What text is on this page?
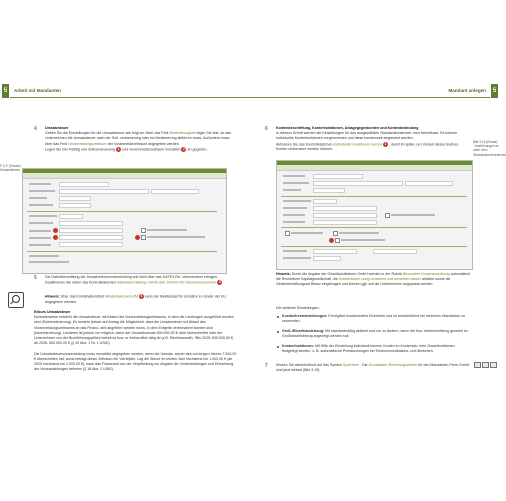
5	Arbeit mit Mandanten	Mandant anlegen	5
4 Umsatzsteuer
Geben Sie die Einstellungen für die Umsatzsteuer wie folgt an: Über das Feld Besteuerungsart legen Sie fest, ob das Unternehmen die Umsatzsteuer nach der Soll- versteuerung oder Ist-Versteuerung abführen muss. Außerdem muss über das Feld Voranmeldungszeitraum der Voranmeldezeitraum angegeben werden.
Legen Sie hier Richtig und Sollversteuerung 1 und Vorannmeldezeitraum monatlich 2 an gegeben.
F 3.1* (Ersatz) · Umsatzsteuer
5 Die Dateiübermittlung der Umsatzsteuervoranmeldung soll nicht über das DATEV-Re- chenzentrum erfolgen. Deaktivieren Sie daher das Kontrollkästchen Datenübermittlung UStVA über DATEV-RZ-Steuerkennzeichen 3 .
Hinweis: Über das Kombinationsfeld Meldestaat/Land-ZM 4 kann der Meldestaat für Umsätze in Länder der EU angegeben werden.
Exkurs Umsatzsteuer
Normalerweise entsteht die Umsatzsteuer mit Ablauf des Voranmeldungszeitraums, in dem die Leistungen ausgeführt worden sind (Sollversteuerung). Es besteht jedoch auf Antrag die Möglichkeit, dass die Umsatzsteuer mit Ablauf des Voranmeldungszeitraums an das Finanz- amt abgeführt werden muss, in dem Entgelte vereinnahmt worden sind (Istversteuerung). Letzteres ist jedoch nur möglich, wenn der Gesamtumsatz 800.000,00 € nicht überschreitet oder der Unternehmer von der Buchführungspflicht befreit ist bzw. er freiberuflich tätig ist (z.B. Rechtsanwalt). *Bis 2025: 600.000,00 €, ab 2026: 800.000,00 € (§ 20 Abs. 1 Nr. 1 UStG)

Die Umsatzsteuervoranmeldung muss monatlich abgegeben werden, wenn die Umsatz- steuer des vorherigen Jahres 7.500,00 € überschritten hat, sonst beträgt dieser Zeitraum ein Vierteljahr. Lag die Steuer im letzten Jahr höchstens bei 1.000,00 € (ab 2025 höchstens bei 2.000,00 €), kann das Finanzamt von der Verpflichtung zur Abgabe der Voranmeldungen und Entrichtung der Vorauszahlungen befreien (§ 18 Abs. 2 UStG).
6 Kontenbeschriftung, Kontenfunktionen, Anlagegegenkonten und Kontenbedeutung
In diesem Schritt werden die Einstellungen für den ausgewählten Standardkontenrah- men beeinflusst. Es können individuelle Kontenfunktionen vorgenommen und diese kundenweit eingesetzt werden.
Aktivieren Sie das Kontrollkästchen Individuelle Funktionen nutzen 1 , damit im späte- ren Verlauf dieses Buches Konten umbenannt werden können.
Bild 3.19 (Ersatz) · Ausführungen zu unter dem Standardkontenrahmen
Hinweis: Durch die Angabe der Gesellschaftsform GmbH werden in der Rubrik Besondere Kontenzuordnung automatisch die Rechtsform Kapitalgesellschaft, die Kontenzuord- nung umsetzen und umsetzen lassen aktiviert sowie die Gewinnermittlungsart Bilanz eingetragen und können ggf. auf die Unternehmen angepasst werden.
Die weiteren Einstellungen:
Kurzbeitresteinstellungen: Ermöglicht kundenweites Einrichten und ist anschließend bei mehreren Mandanten zu verwenden.
Groß-/Einzelhandelszug: Mit standardmäßig aktiviert und nur zu ändern, wenn die Kon- tenbeschriftung generell im Großhandelsbezug angezeigt werden soll.
Kontenfunktionen: Mit Hilfe der Einstellung individuell können Konten im Kontenrah- men Zusatzfunktionen festgelegt werden, z. B. automatische Preisbuchungen bei Telekommunikations- und ähnlichen.
7 Klicken Sie abschließend auf das Symbol Speichern . Die Grunddaten-Rechnungswesen für den Mandanten Perm GmbH sind jetzt erfasst (Bild 3.19).
